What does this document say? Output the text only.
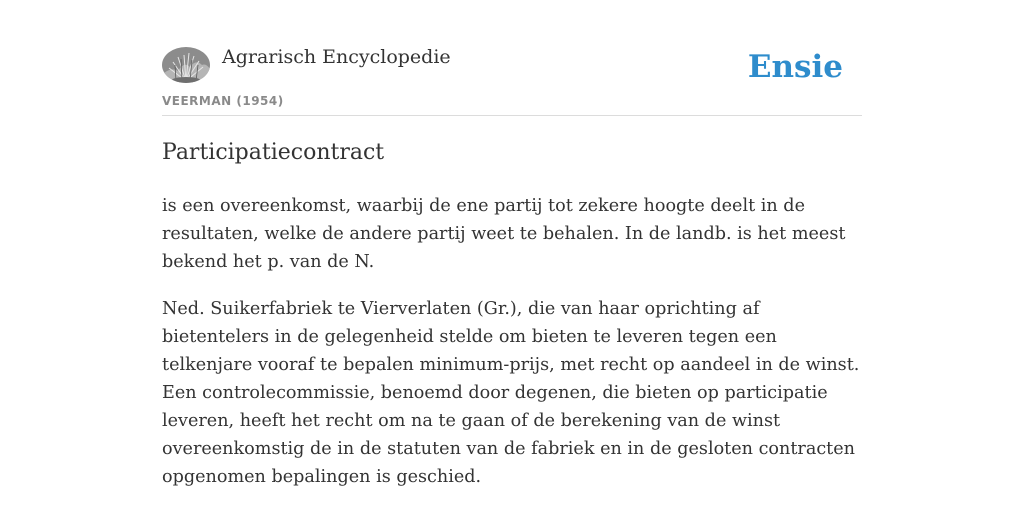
Agrarisch Encyclopedie
VEERMAN (1954)
Ensie
Participatiecontract

is een overeenkomst, waarbij de ene partij tot zekere hoogte deelt in de resultaten, welke de andere partij weet te behalen. In de landb. is het meest bekend het p. van de N.

Ned. Suikerfabriek te Vierverlaten (Gr.), die van haar oprichting af bietentelers in de gelegenheid stelde om bieten te leveren tegen een telkenjare vooraf te bepalen minimum-prijs, met recht op aandeel in de winst. Een controlecommissie, benoemd door degenen, die bieten op participatie leveren, heeft het recht om na te gaan of de berekening van de winst overeenkomstig de in de statuten van de fabriek en in de gesloten contracten opgenomen bepalingen is geschied.
